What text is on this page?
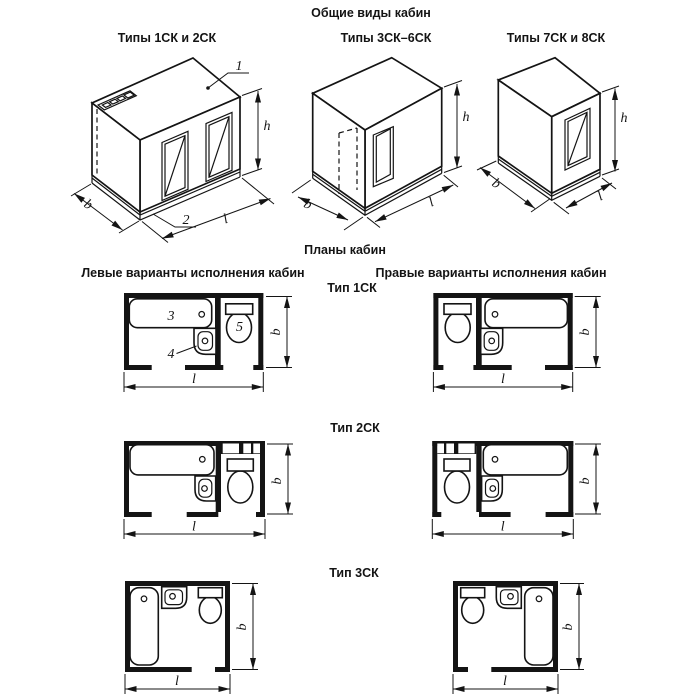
Общие виды кабин
Типы 1СК и 2СК	Типы 3СК–6СК	Типы 7СК и 8СК
Планы кабин
Левые варианты исполнения кабин	Правые варианты исполнения кабин
Тип 1СК
Тип 2СК
Тип 3СК
1
2
h
b
l
h
b	l
h
b
l
3
4
5 b
l
b
l
b
l
b
l
b
l
b
l
